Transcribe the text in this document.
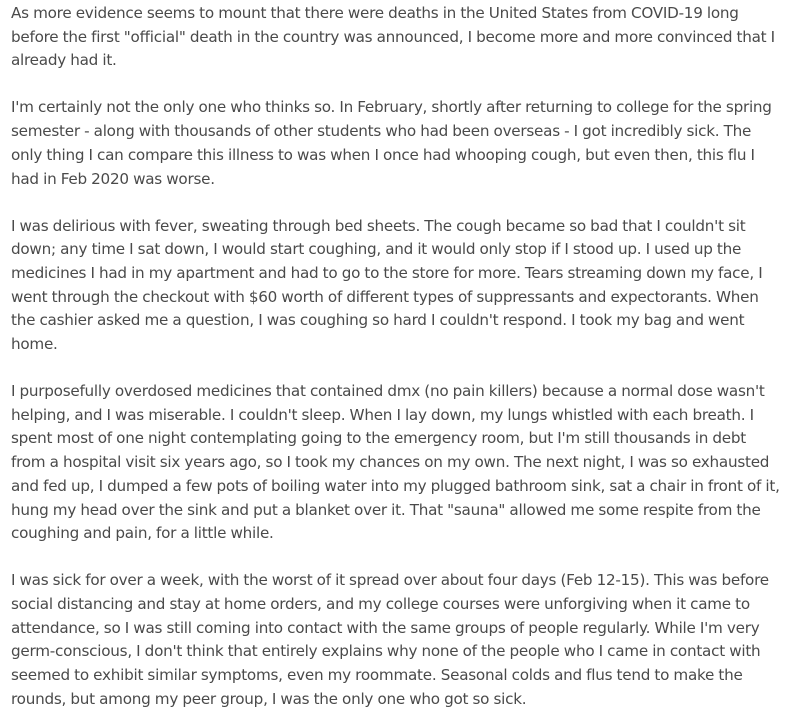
As more evidence seems to mount that there were deaths in the United States from COVID-19 long before the first "official" death in the country was announced, I become more and more convinced that I already had it.

I'm certainly not the only one who thinks so. In February, shortly after returning to college for the spring semester - along with thousands of other students who had been overseas - I got incredibly sick. The only thing I can compare this illness to was when I once had whooping cough, but even then, this flu I had in Feb 2020 was worse.

I was delirious with fever, sweating through bed sheets. The cough became so bad that I couldn't sit down; any time I sat down, I would start coughing, and it would only stop if I stood up. I used up the medicines I had in my apartment and had to go to the store for more. Tears streaming down my face, I went through the checkout with $60 worth of different types of suppressants and expectorants. When the cashier asked me a question, I was coughing so hard I couldn't respond. I took my bag and went home.

I purposefully overdosed medicines that contained dmx (no pain killers) because a normal dose wasn't helping, and I was miserable. I couldn't sleep. When I lay down, my lungs whistled with each breath. I spent most of one night contemplating going to the emergency room, but I'm still thousands in debt from a hospital visit six years ago, so I took my chances on my own. The next night, I was so exhausted and fed up, I dumped a few pots of boiling water into my plugged bathroom sink, sat a chair in front of it, hung my head over the sink and put a blanket over it. That "sauna" allowed me some respite from the coughing and pain, for a little while.

I was sick for over a week, with the worst of it spread over about four days (Feb 12-15). This was before social distancing and stay at home orders, and my college courses were unforgiving when it came to attendance, so I was still coming into contact with the same groups of people regularly. While I'm very germ-conscious, I don't think that entirely explains why none of the people who I came in contact with seemed to exhibit similar symptoms, even my roommate. Seasonal colds and flus tend to make the rounds, but among my peer group, I was the only one who got so sick.
